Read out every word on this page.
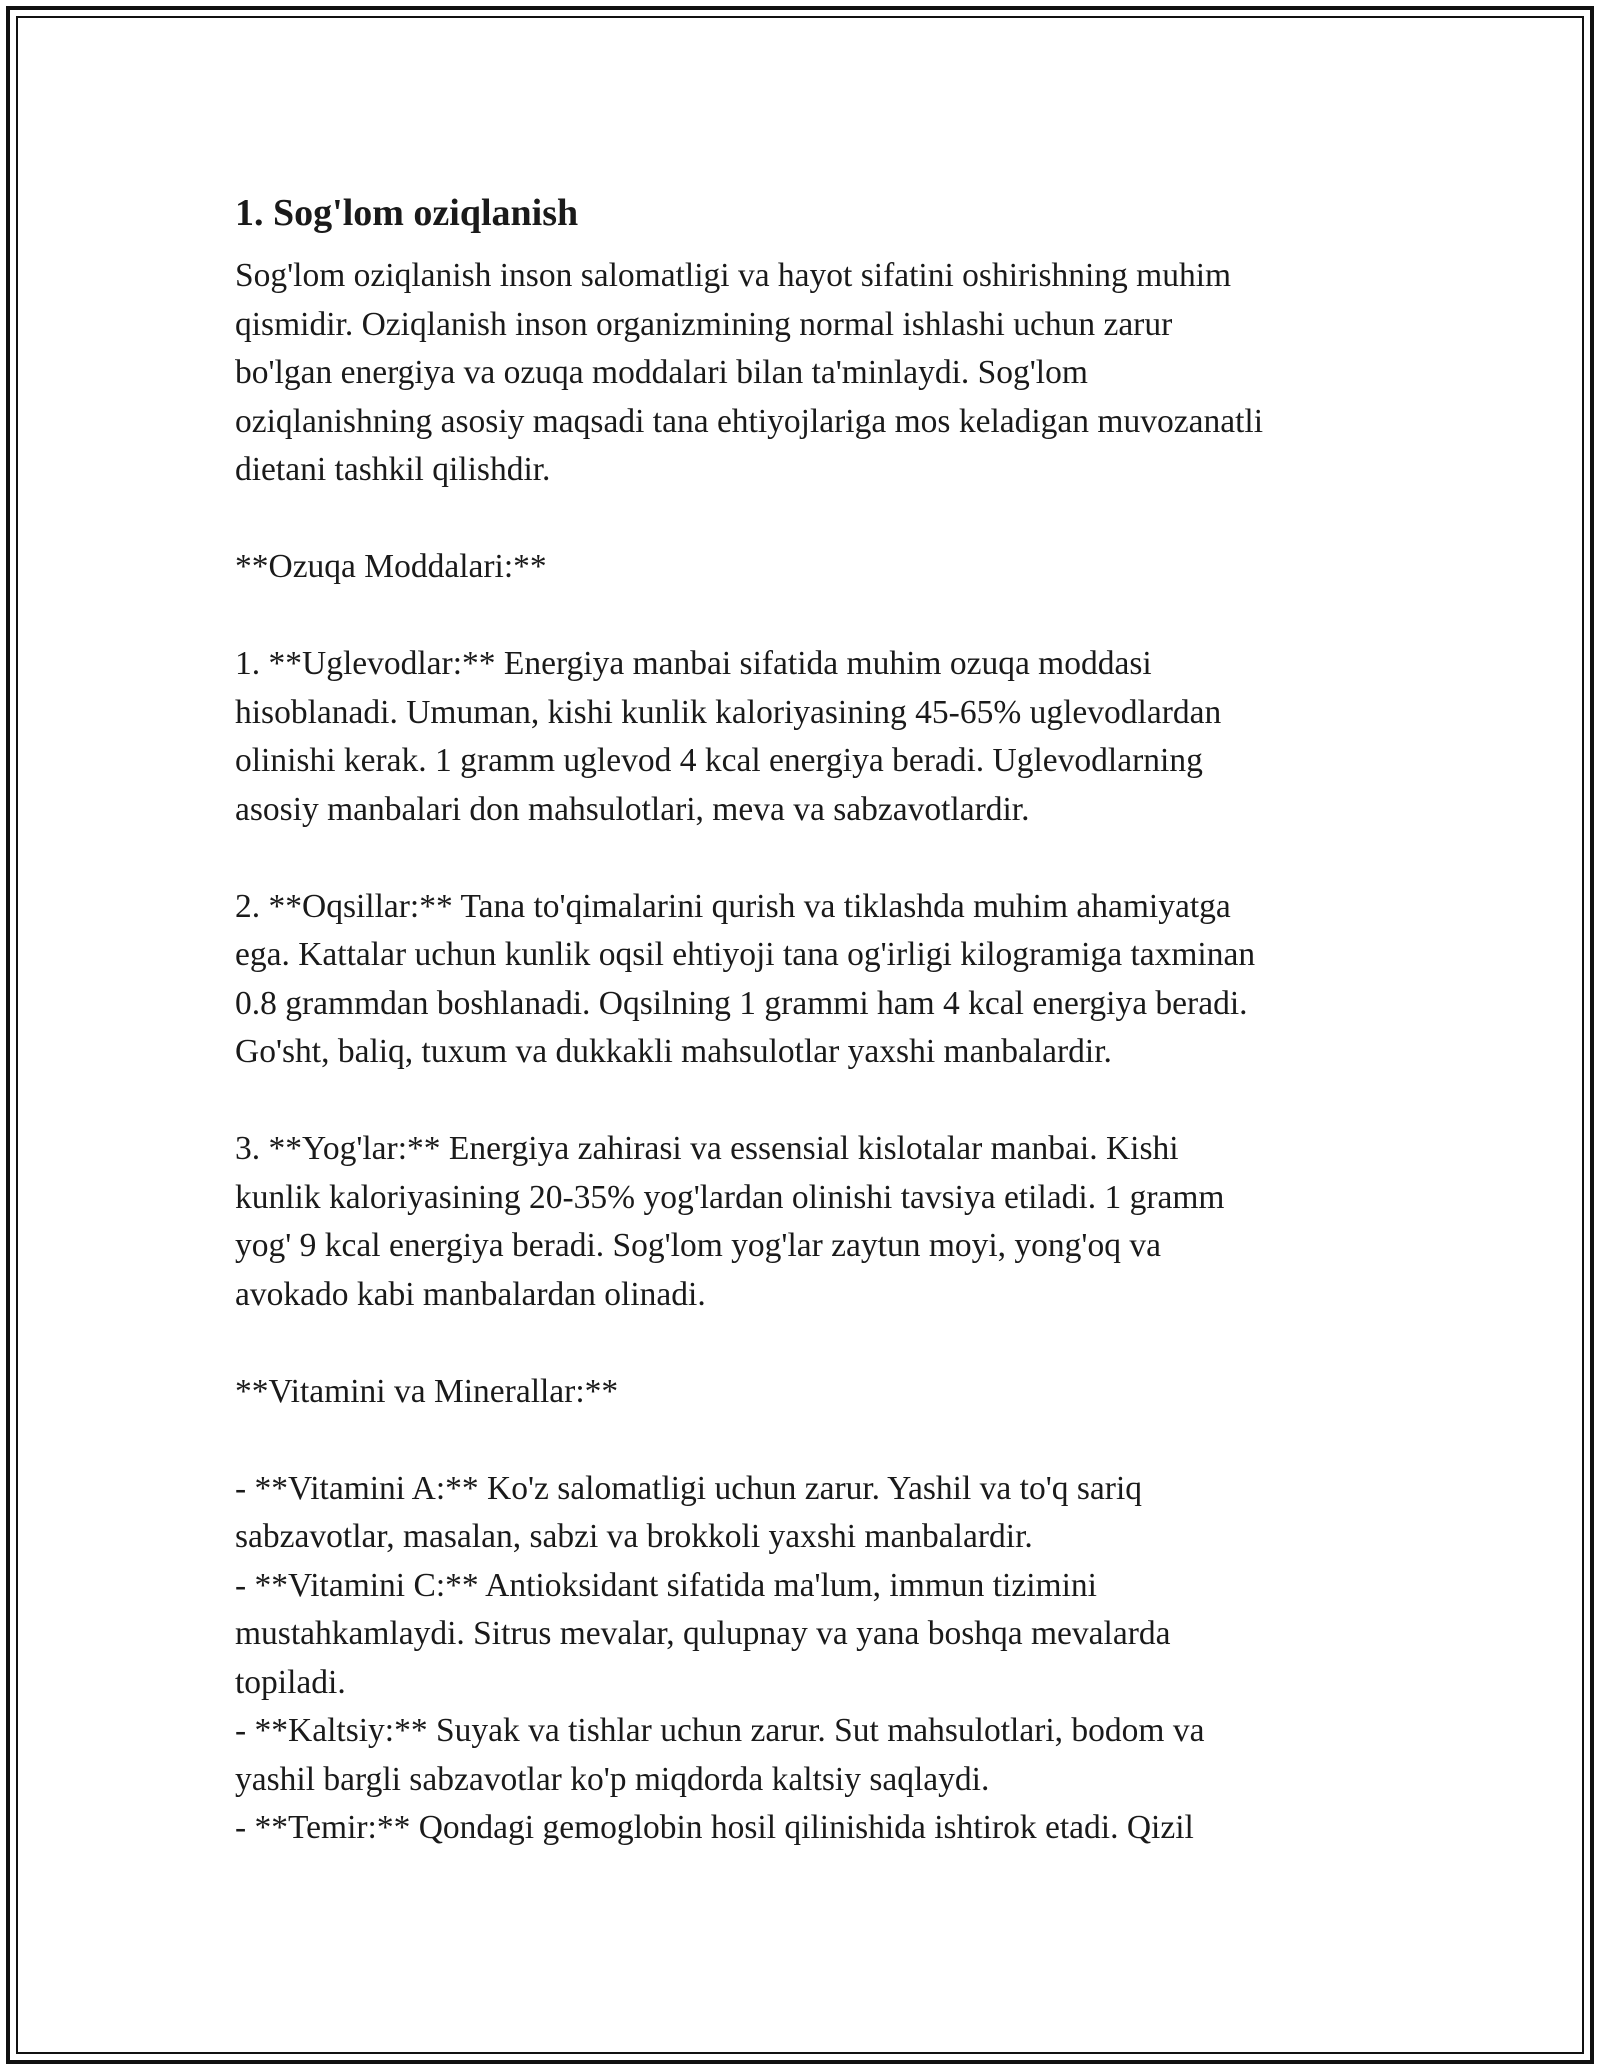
1. Sog'lom oziqlanish

Sog'lom oziqlanish inson salomatligi va hayot sifatini oshirishning muhim
qismidir. Oziqlanish inson organizmining normal ishlashi uchun zarur
bo'lgan energiya va ozuqa moddalari bilan ta'minlaydi. Sog'lom
oziqlanishning asosiy maqsadi tana ehtiyojlariga mos keladigan muvozanatli
dietani tashkil qilishdir.

**Ozuqa Moddalari:**

1. **Uglevodlar:** Energiya manbai sifatida muhim ozuqa moddasi
hisoblanadi. Umuman, kishi kunlik kaloriyasining 45-65% uglevodlardan
olinishi kerak. 1 gramm uglevod 4 kcal energiya beradi. Uglevodlarning
asosiy manbalari don mahsulotlari, meva va sabzavotlardir.

2. **Oqsillar:** Tana to'qimalarini qurish va tiklashda muhim ahamiyatga
ega. Kattalar uchun kunlik oqsil ehtiyoji tana og'irligi kilogramiga taxminan
0.8 grammdan boshlanadi. Oqsilning 1 grammi ham 4 kcal energiya beradi.
Go'sht, baliq, tuxum va dukkakli mahsulotlar yaxshi manbalardir.

3. **Yog'lar:** Energiya zahirasi va essensial kislotalar manbai. Kishi
kunlik kaloriyasining 20-35% yog'lardan olinishi tavsiya etiladi. 1 gramm
yog' 9 kcal energiya beradi. Sog'lom yog'lar zaytun moyi, yong'oq va
avokado kabi manbalardan olinadi.

**Vitamini va Minerallar:**

- **Vitamini A:** Ko'z salomatligi uchun zarur. Yashil va to'q sariq
sabzavotlar, masalan, sabzi va brokkoli yaxshi manbalardir.
- **Vitamini C:** Antioksidant sifatida ma'lum, immun tizimini
mustahkamlaydi. Sitrus mevalar, qulupnay va yana boshqa mevalarda
topiladi.
- **Kaltsiy:** Suyak va tishlar uchun zarur. Sut mahsulotlari, bodom va
yashil bargli sabzavotlar ko'p miqdorda kaltsiy saqlaydi.
- **Temir:** Qondagi gemoglobin hosil qilinishida ishtirok etadi. Qizil
